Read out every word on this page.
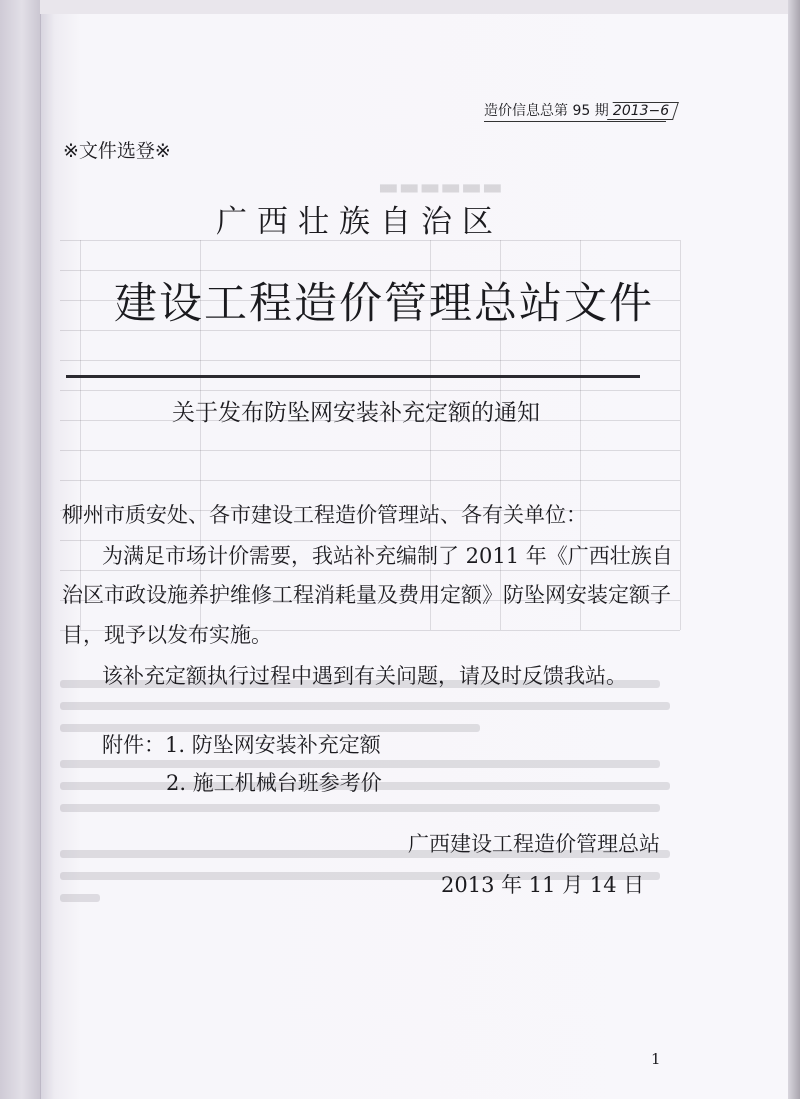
▬▬▬▬▬▬
造价信息总第 95 期 2013−6
※文件选登※
广西壮族自治区
建设工程造价管理总站文件
关于发布防坠网安装补充定额的通知
柳州市质安处、各市建设工程造价管理站、各有关单位：
为满足市场计价需要，我站补充编制了 2011 年《广西壮族自
治区市政设施养护维修工程消耗量及费用定额》防坠网安装定额子
目，现予以发布实施。
该补充定额执行过程中遇到有关问题，请及时反馈我站。
附件：1. 防坠网安装补充定额
2. 施工机械台班参考价
广西建设工程造价管理总站
2013 年 11 月 14 日
1
